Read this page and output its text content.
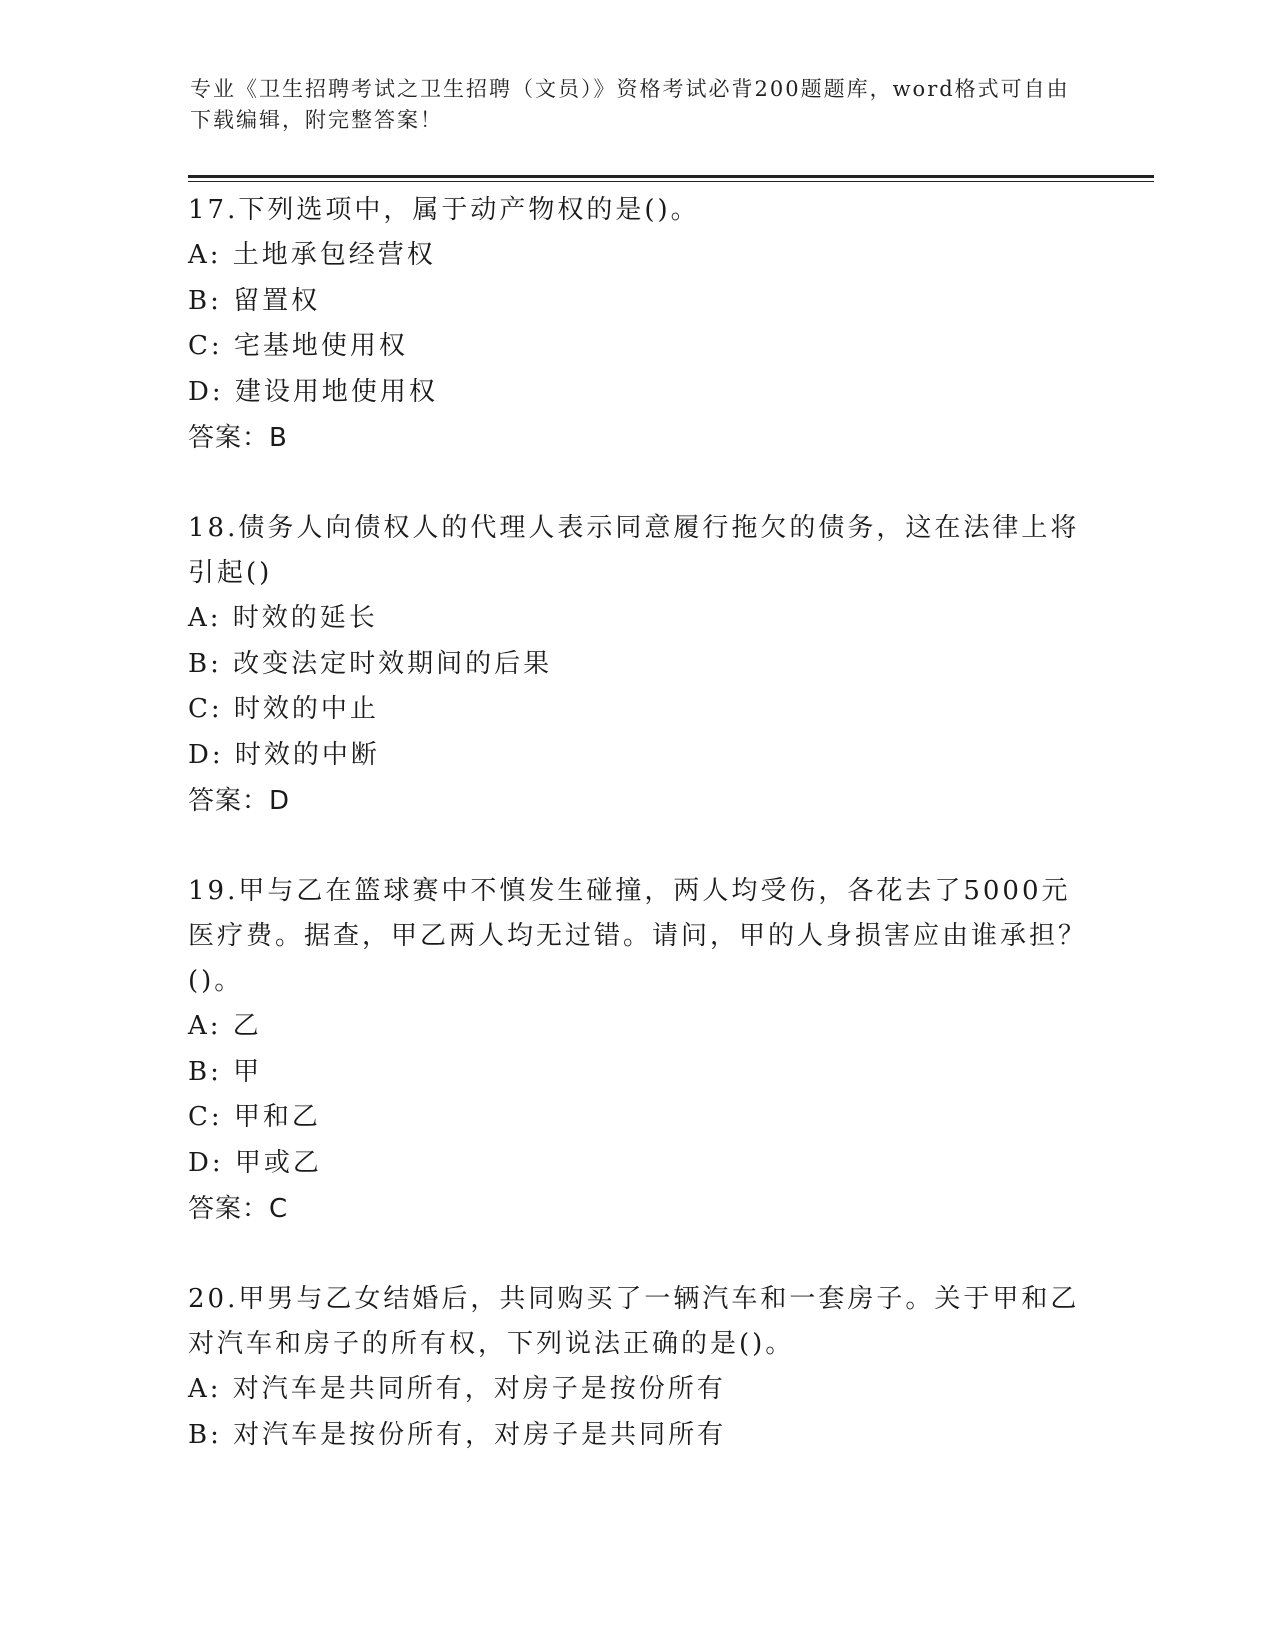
专业《卫生招聘考试之卫生招聘（文员）》资格考试必背200题题库，word格式可自由下载编辑，附完整答案！

17.下列选项中，属于动产物权的是()。

A: 土地承包经营权

B: 留置权

C: 宅基地使用权

D: 建设用地使用权

答案：B

18.债务人向债权人的代理人表示同意履行拖欠的债务，这在法律上将引起()

A: 时效的延长

B: 改变法定时效期间的后果

C: 时效的中止

D: 时效的中断

答案：D

19.甲与乙在篮球赛中不慎发生碰撞，两人均受伤，各花去了5000元医疗费。据查，甲乙两人均无过错。请问，甲的人身损害应由谁承担？()。

A: 乙

B: 甲

C: 甲和乙

D: 甲或乙

答案：C

20.甲男与乙女结婚后，共同购买了一辆汽车和一套房子。关于甲和乙对汽车和房子的所有权，下列说法正确的是()。

A: 对汽车是共同所有，对房子是按份所有

B: 对汽车是按份所有，对房子是共同所有
